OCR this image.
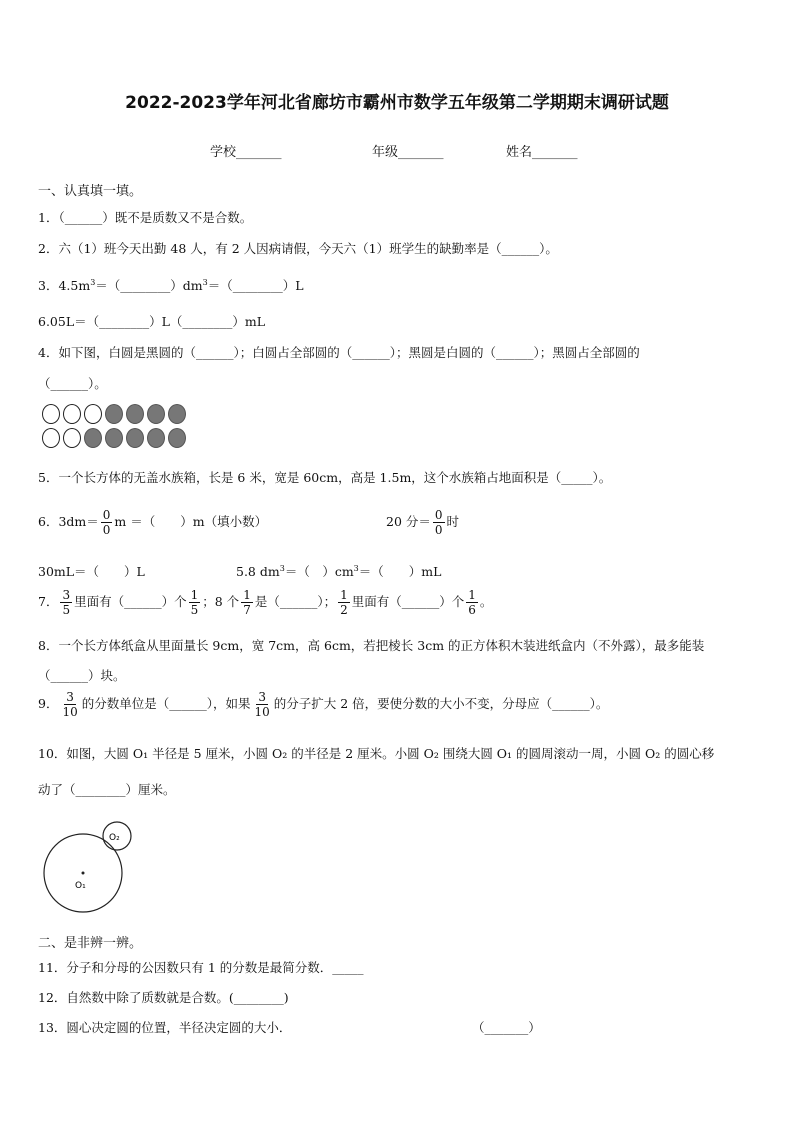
2022-2023学年河北省廊坊市霸州市数学五年级第二学期期末调研试题
学校_______	年级_______	姓名_______
一、认真填一填。
1．（______）既不是质数又不是合数。
2．六（1）班今天出勤 48 人，有 2 人因病请假，今天六（1）班学生的缺勤率是（______）。
3．$4.5m^3=(\_\_\_\_\_\_\_\_)dm^3=(\_\_\_\_\_\_\_\_)L$
6.05L＝（________）L（________）mL
4．如下图，白圆是黑圆的（______）；白圆占全部圆的（______）；黑圆是白圆的（______）；黑圆占全部圆的
（______）。
5．一个长方体的无盖水族箱，长是 6 米，宽是 60cm，高是 1.5m，这个水族箱占地面积是（_____）。
6．$3dm= \frac{0}{0}$ m ＝（　　）m（填小数）	20 分＝ $\frac{0}{0}$ 时
30mL＝（　　）L	5.8 $dm^3=$（　）$cm^3=$（　　）mL
7． $\frac{3}{5}$ 里面有（______）个 $\frac{1}{5}$ ；8 个 $\frac{1}{7}$ 是（______）； $\frac{1}{2}$ 里面有（______）个 $\frac{1}{6}$ 。
8．一个长方体纸盒从里面量长 9cm，宽 7cm，高 6cm，若把棱长 3cm 的正方体积木装进纸盒内（不外露），最多能装
（______）块。
9． $\frac{3}{10}$ 的分数单位是（______），如果 $\frac{3}{10}$ 的分子扩大 2 倍，要使分数的大小不变，分母应（______）。
10．如图，大圆 O₁ 半径是 5 厘米，小圆 O₂ 的半径是 2 厘米。小圆 O₂ 围绕大圆 O₁ 的圆周滚动一周，小圆 O₂ 的圆心移
动了（________）厘米。
O₁
O₂
二、是非辨一辨。
11．分子和分母的公因数只有 1 的分数是最简分数．_____
12．自然数中除了质数就是合数。(________)
13．圆心决定圆的位置，半径决定圆的大小．	（_______）
